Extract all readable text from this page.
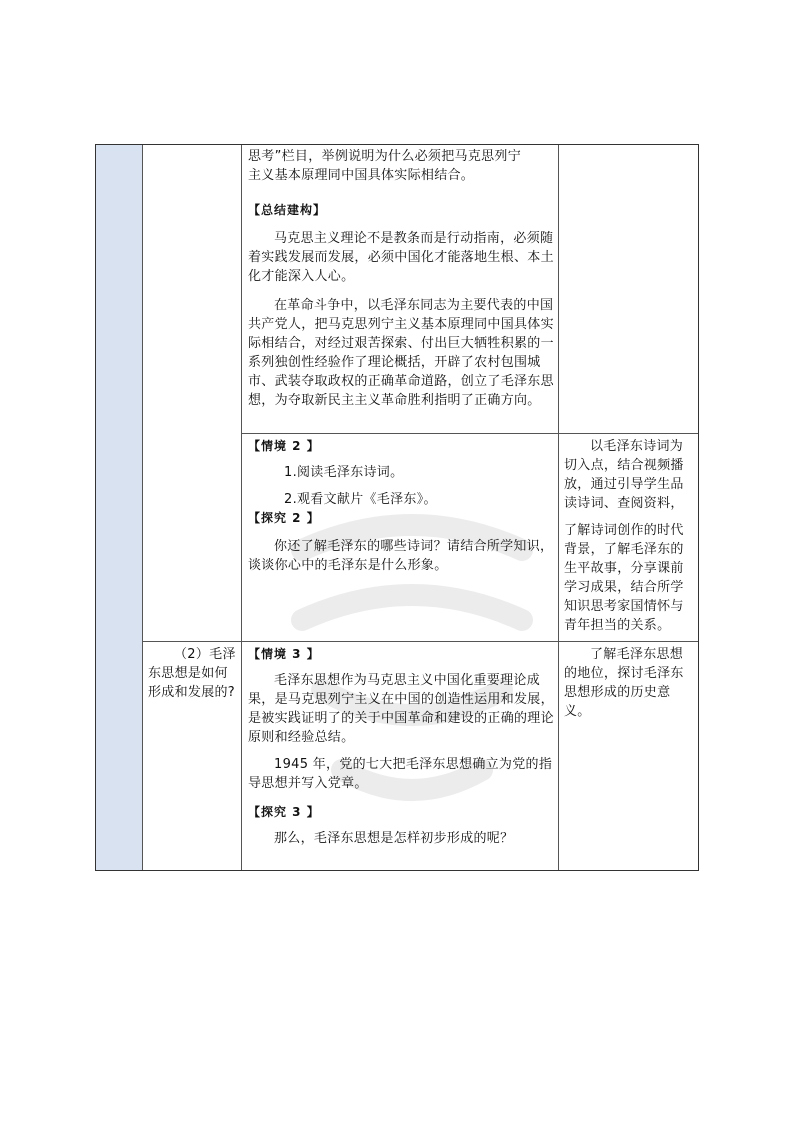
思考”栏目，举例说明为什么必须把马克思列宁

主义基本原理同中国具体实际相结合。

【总结建构】

马克思主义理论不是教条而是行动指南，必须随着实践发展而发展，必须中国化才能落地生根、本土化才能深入人心。

在革命斗争中，以毛泽东同志为主要代表的中国共产党人，把马克思列宁主义基本原理同中国具体实际相结合，对经过艰苦探索、付出巨大牺牲积累的一系列独创性经验作了理论概括，开辟了农村包围城市、武装夺取政权的正确革命道路，创立了毛泽东思想，为夺取新民主主义革命胜利指明了正确方向。

【情境 2 】

1.阅读毛泽东诗词。

2.观看文献片《毛泽东》。

【探究 2 】

你还了解毛泽东的哪些诗词？请结合所学知识，谈谈你心中的毛泽东是什么形象。

以毛泽东诗词为切入点，结合视频播放，通过引导学生品读诗词、查阅资料，

了解诗词创作的时代背景，了解毛泽东的生平故事，分享课前学习成果，结合所学知识思考家国情怀与青年担当的关系。

（2）毛泽东思想是如何形成和发展的?

【情境 3 】

毛泽东思想作为马克思主义中国化重要理论成果，是马克思列宁主义在中国的创造性运用和发展，是被实践证明了的关于中国革命和建设的正确的理论原则和经验总结。

1945 年，党的七大把毛泽东思想确立为党的指导思想并写入党章。

【探究 3 】

那么，毛泽东思想是怎样初步形成的呢？

了解毛泽东思想的地位，探讨毛泽东思想形成的历史意义。
